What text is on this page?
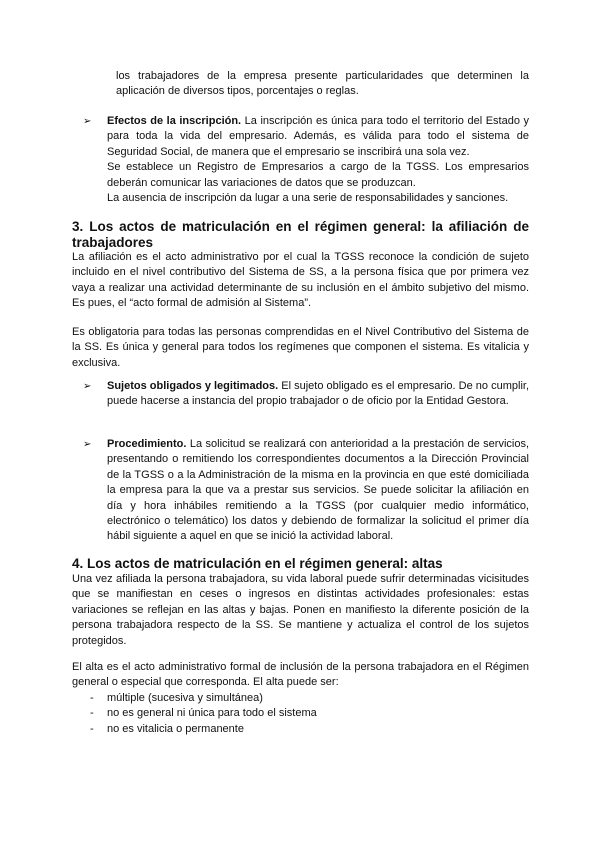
los trabajadores de la empresa presente particularidades que determinen la aplicación de diversos tipos, porcentajes o reglas.
➢ Efectos de la inscripción. La inscripción es única para todo el territorio del Estado y para toda la vida del empresario. Además, es válida para todo el sistema de Seguridad Social, de manera que el empresario se inscribirá una sola vez.

Se establece un Registro de Empresarios a cargo de la TGSS. Los empresarios deberán comunicar las variaciones de datos que se produzcan.

La ausencia de inscripción da lugar a una serie de responsabilidades y sanciones.

3. Los actos de matriculación en el régimen general: la afiliación de trabajadores
La afiliación es el acto administrativo por el cual la TGSS reconoce la condición de sujeto incluido en el nivel contributivo del Sistema de SS, a la persona física que por primera vez vaya a realizar una actividad determinante de su inclusión en el ámbito subjetivo del mismo. Es pues, el “acto formal de admisión al Sistema”.
Es obligatoria para todas las personas comprendidas en el Nivel Contributivo del Sistema de la SS. Es única y general para todos los regímenes que componen el sistema. Es vitalicia y exclusiva.
➢ Sujetos obligados y legitimados. El sujeto obligado es el empresario. De no cumplir, puede hacerse a instancia del propio trabajador o de oficio por la Entidad Gestora.

➢ Procedimiento. La solicitud se realizará con anterioridad a la prestación de servicios, presentando o remitiendo los correspondientes documentos a la Dirección Provincial de la TGSS o a la Administración de la misma en la provincia en que esté domiciliada la empresa para la que va a prestar sus servicios. Se puede solicitar la afiliación en día y hora inhábiles remitiendo a la TGSS (por cualquier medio informático, electrónico o telemático) los datos y debiendo de formalizar la solicitud el primer día hábil siguiente a aquel en que se inició la actividad laboral.

4. Los actos de matriculación en el régimen general: altas
Una vez afiliada la persona trabajadora, su vida laboral puede sufrir determinadas vicisitudes que se manifiestan en ceses o ingresos en distintas actividades profesionales: estas variaciones se reflejan en las altas y bajas. Ponen en manifiesto la diferente posición de la persona trabajadora respecto de la SS. Se mantiene y actualiza el control de los sujetos protegidos.
El alta es el acto administrativo formal de inclusión de la persona trabajadora en el Régimen general o especial que corresponda. El alta puede ser:
- múltiple (sucesiva y simultánea)
- no es general ni única para todo el sistema
- no es vitalicia o permanente
